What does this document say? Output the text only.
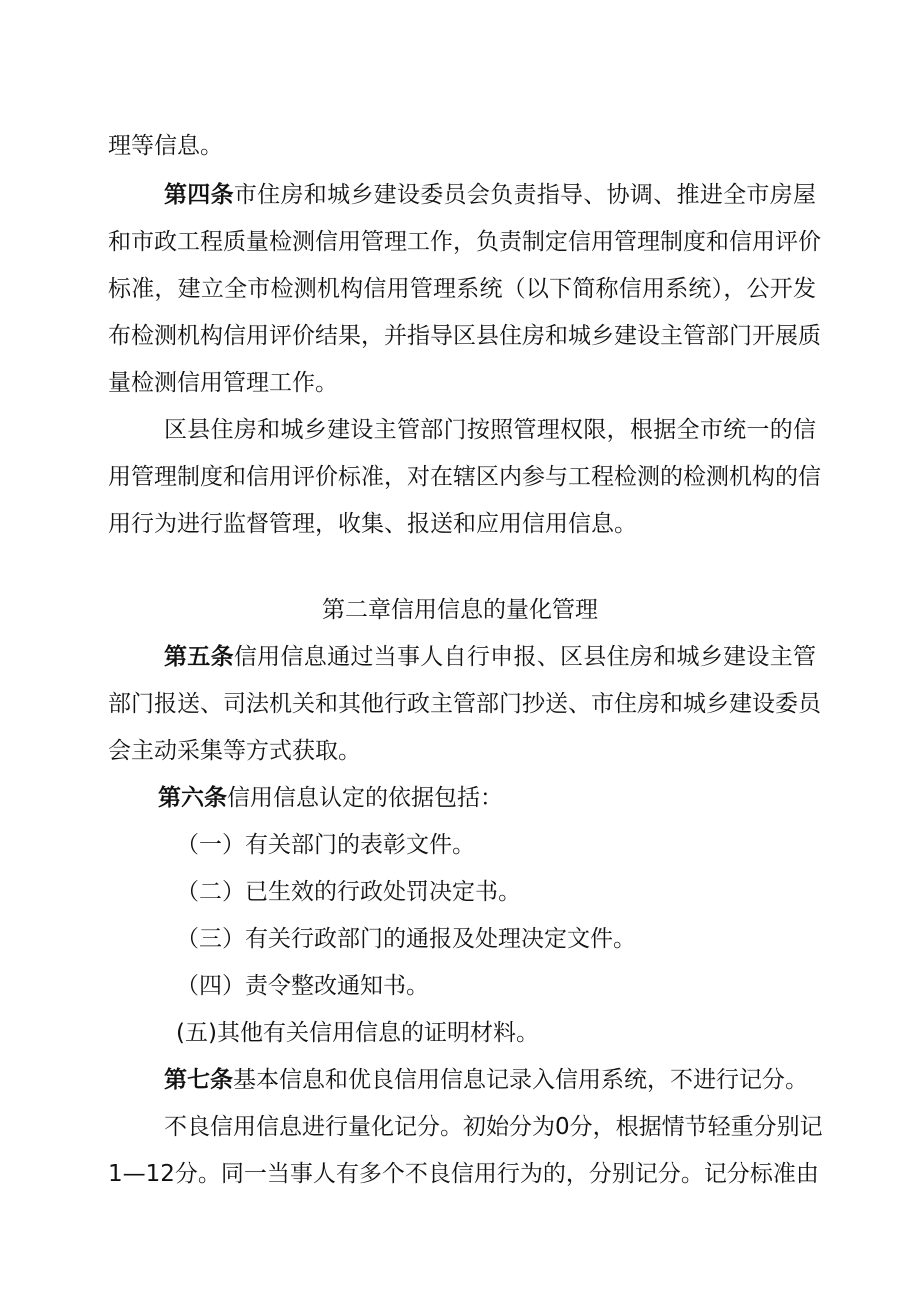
理等信息。

第四条市住房和城乡建设委员会负责指导、协调、推进全市房屋

和市政工程质量检测信用管理工作，负责制定信用管理制度和信用评价

标准，建立全市检测机构信用管理系统（以下简称信用系统），公开发

布检测机构信用评价结果，并指导区县住房和城乡建设主管部门开展质

量检测信用管理工作。

区县住房和城乡建设主管部门按照管理权限，根据全市统一的信

用管理制度和信用评价标准，对在辖区内参与工程检测的检测机构的信

用行为进行监督管理，收集、报送和应用信用信息。

第二章信用信息的量化管理

第五条信用信息通过当事人自行申报、区县住房和城乡建设主管

部门报送、司法机关和其他行政主管部门抄送、市住房和城乡建设委员

会主动采集等方式获取。

第六条信用信息认定的依据包括：

（一）有关部门的表彰文件。

（二）已生效的行政处罚决定书。

（三）有关行政部门的通报及处理决定文件。

（四）责令整改通知书。

(五)其他有关信用信息的证明材料。

第七条基本信息和优良信用信息记录入信用系统，不进行记分。

不良信用信息进行量化记分。初始分为0分，根据情节轻重分别记

1—12分。同一当事人有多个不良信用行为的，分别记分。记分标准由
